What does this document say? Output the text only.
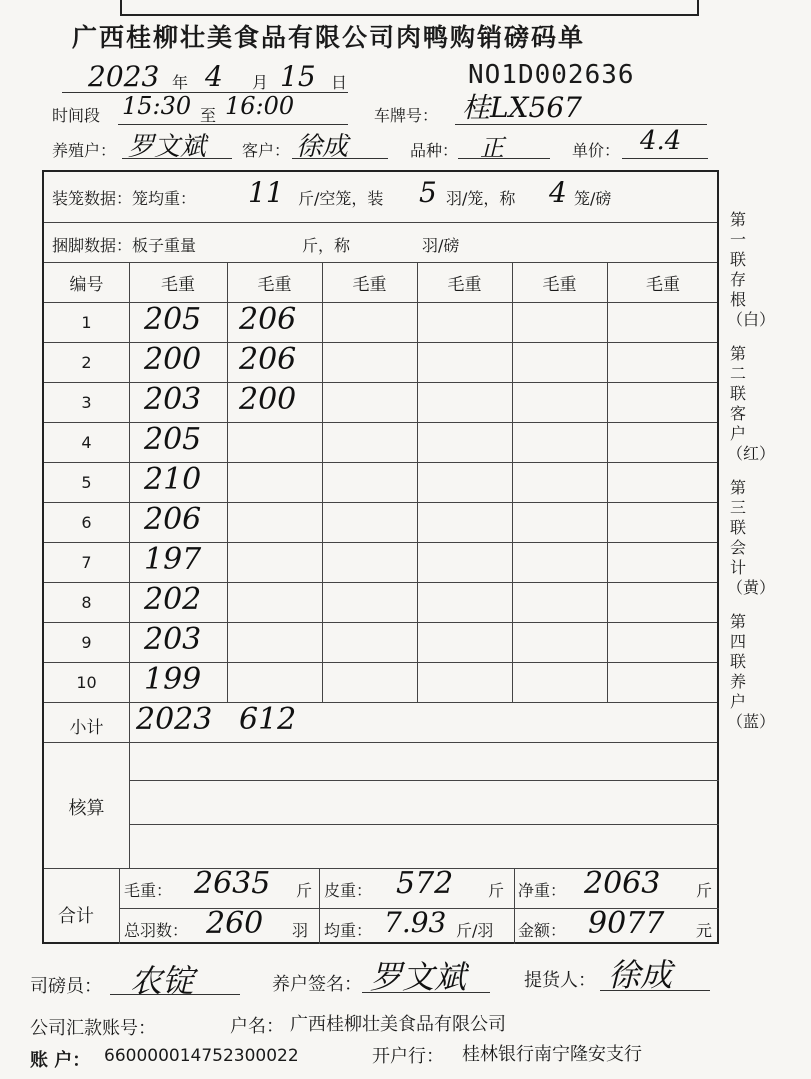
广西桂柳壮美食品有限公司肉鸭购销磅码单
2023 年 4 月 15 日	NO1D002636
时间段 15:30 至 16:00	车牌号： 桂LX567
养殖户： 罗文斌 客户： 徐成	品种： 正	单价： 4.4
装笼数据：笼均重： 11 斤/空笼，装 5 羽/笼，称 4 笼/磅
捆脚数据：板子重量	斤，称	羽/磅
编号	毛重	毛重	毛重	毛重	毛重	毛重
1	205 206
2	200 206
3	203 200
4	205
5	210
6	206
7	197
8	202
9	203
10	199
小计	2023 612
核算
合计
毛重： 2635 斤 皮重： 572 斤 净重： 2063 斤
总羽数： 260 羽 均重： 7.93 斤/羽 金额： 9077 元
第一联存根（白）
第二联客户（红）
第三联会计（黄）
第四联养户（蓝）
司磅员： 农锭	养户签名： 罗文斌	提货人： 徐成
公司汇款账号：	户名： 广西桂柳壮美食品有限公司
账 户： 660000014752300022	开户行： 桂林银行南宁隆安支行
